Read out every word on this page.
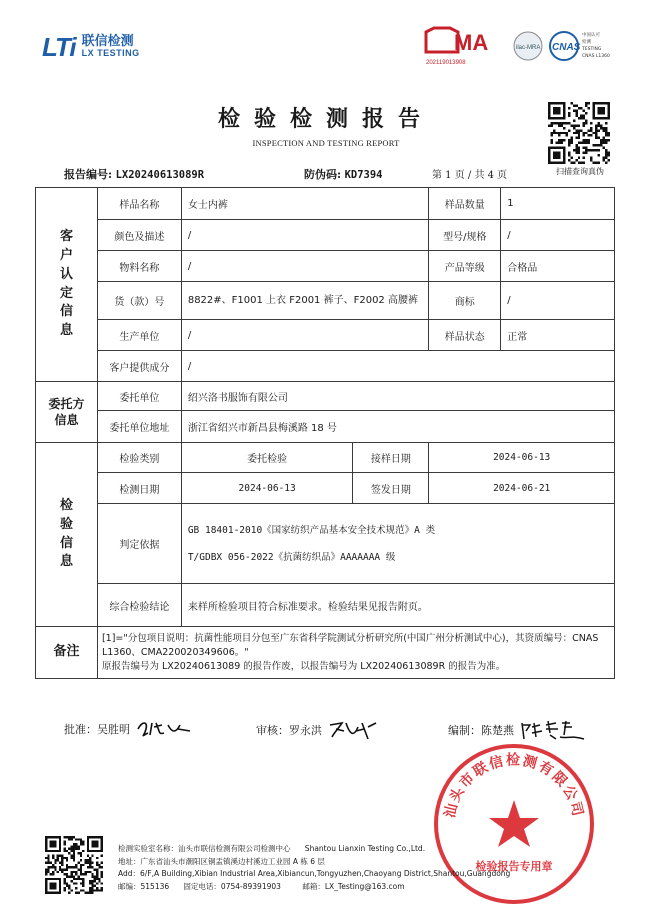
LTi 联信检测
LX TESTING	MA
202119013908
ilac-MRA CNAS
中国认可
检测
TESTING
CNAS L1360
检验检测报告
INSPECTION AND TESTING REPORT
扫描查询真伪
报告编号: LX20240613089R	防伪码: KD7394	第 1 页 / 共 4 页
客户认定信息	样品名称	女士内裤		样品数量	1
	颜色及描述	/		型号/规格	/
	物料名称	/		产品等级	合格品
	货（款）号	8822#、F1001 上衣 F2001 裤子、F2002 高腰裤		商标	/
	生产单位	/		样品状态	正常
	客户提供成分	/			

委托方信息	委托单位	绍兴洛书服饰有限公司			
	委托单位地址	浙江省绍兴市新昌县梅溪路 18 号			

检验信息	检验类别	委托检验	接样日期	2024-06-13	
	检测日期	2024-06-13	签发日期	2024-06-21	
	判定依据	GB 18401-2010《国家纺织产品基本安全技术规范》A 类
T/GDBX 056-2022《抗菌纺织品》AAAAAAA 级			

	综合检验结论	来样所检验项目符合标准要求。检验结果见报告附页。			
备注	[1]="分包项目说明：抗菌性能项目分包至广东省科学院测试分析研究所(中国广州分析测试中心)，其资质编号：CNAS L1360、CMA220020349606。"
原报告编号为 LX20240613089 的报告作废，以报告编号为 LX20240613089R 的报告为准。				
批准：吴胜明	审核：罗永洪	编制：陈楚燕
汕头市联信检测有限公司
检验报告专用章
检测实验室名称：汕头市联信检测有限公司检测中心      Shantou Lianxin Testing Co.,Ltd.
地址：广东省汕头市潮阳区铜盂镇溪边村溪边工业园 A 栋 6 层
Add：6/F,A Building,Xibian Industrial Area,Xibiancun,Tongyuzhen,Chaoyang District,Shantou,Guangdong
邮编：515136      固定电话：0754-89391903         邮箱：LX_Testing@163.com
